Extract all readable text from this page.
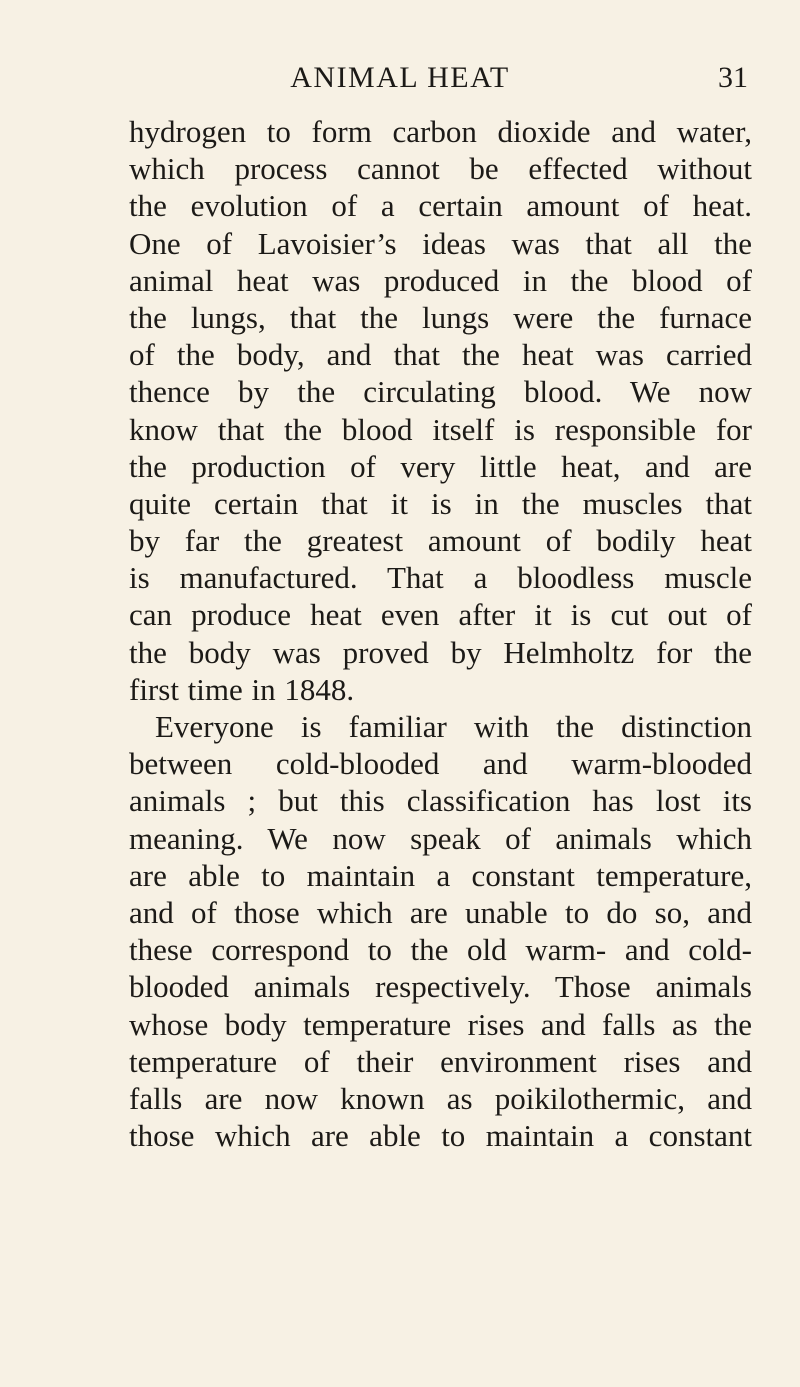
ANIMAL HEAT	31
hydrogen to form carbon dioxide and water,
which process cannot be effected without
the evolution of a certain amount of heat.
One of Lavoisier’s ideas was that all the
animal heat was produced in the blood of
the lungs, that the lungs were the furnace
of the body, and that the heat was carried
thence by the circulating blood. We now
know that the blood itself is responsible for
the production of very little heat, and are
quite certain that it is in the muscles that
by far the greatest amount of bodily heat
is manufactured. That a bloodless muscle
can produce heat even after it is cut out of
the body was proved by Helmholtz for the
first time in 1848.
Everyone is familiar with the distinction
between cold-blooded and warm-blooded
animals ; but this classification has lost its
meaning. We now speak of animals which
are able to maintain a constant temperature,
and of those which are unable to do so, and
these correspond to the old warm- and cold-
blooded animals respectively. Those animals
whose body temperature rises and falls as the
temperature of their environment rises and
falls are now known as poikilothermic, and
those which are able to maintain a constant
